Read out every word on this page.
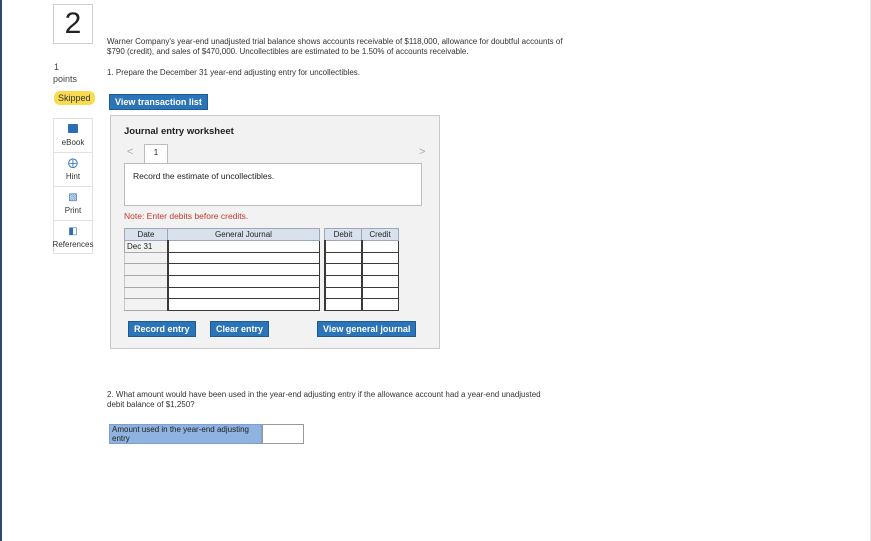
2
1
points
Skipped
eBook
⨁
Hint
▧
Print
◧
References
Warner Company's year-end unadjusted trial balance shows accounts receivable of $118,000, allowance for doubtful accounts of $790 (credit), and sales of $470,000. Uncollectibles are estimated to be 1.50% of accounts receivable.
1. Prepare the December 31 year-end adjusting entry for uncollectibles.
View transaction list
Journal entry worksheet
<	1	>
Record the estimate of uncollectibles.
Note: Enter debits before credits.
Date	General Journal		Debit	Credit
Dec 31				

Record entry	Clear entry	View general journal
2. What amount would have been used in the year-end adjusting entry if the allowance account had a year-end unadjusted debit balance of $1,250?
Amount used in the year-end adjusting entry
